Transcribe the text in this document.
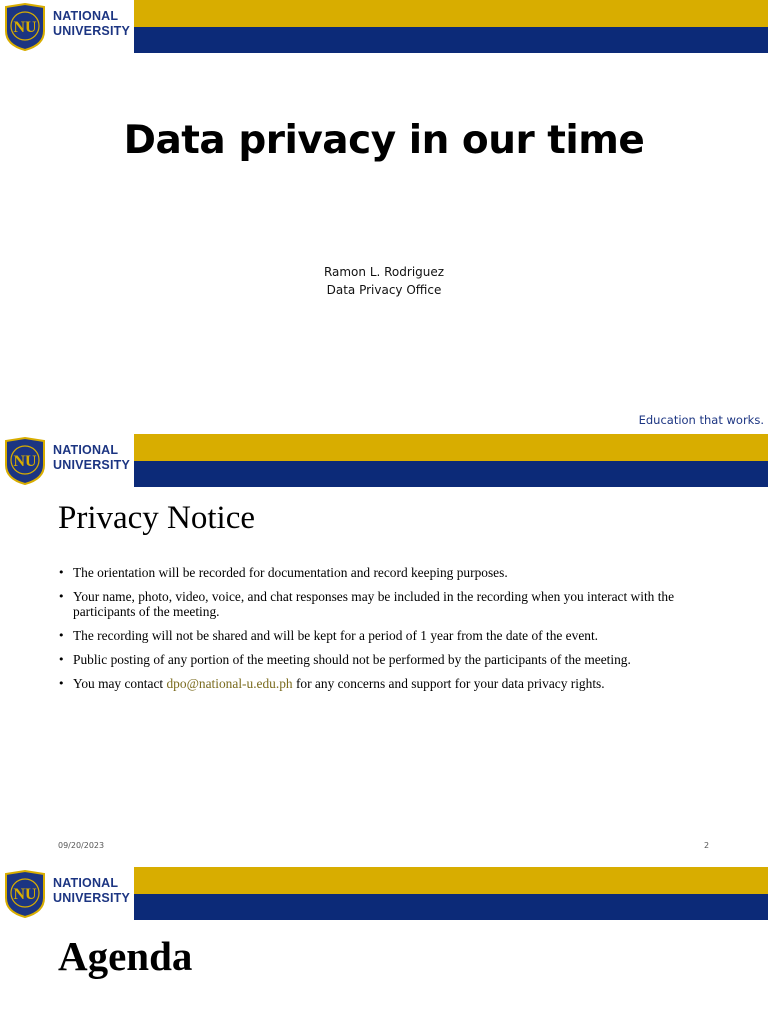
NU
NATIONAL
UNIVERSITY
Data privacy in our time
Ramon L. Rodriguez
Data Privacy Office
Education that works.
NU
NATIONAL
UNIVERSITY
Privacy Notice
• The orientation will be recorded for documentation and record keeping purposes.
• Your name, photo, video, voice, and chat responses may be included in the recording when you interact with the participants of the meeting.
• The recording will not be shared and will be kept for a period of 1 year from the date of the event.
• Public posting of any portion of the meeting should not be performed by the participants of the meeting.
• You may contact dpo@national-u.edu.ph for any concerns and support for your data privacy rights.
09/20/2023	2
NU
NATIONAL
UNIVERSITY
Agenda
